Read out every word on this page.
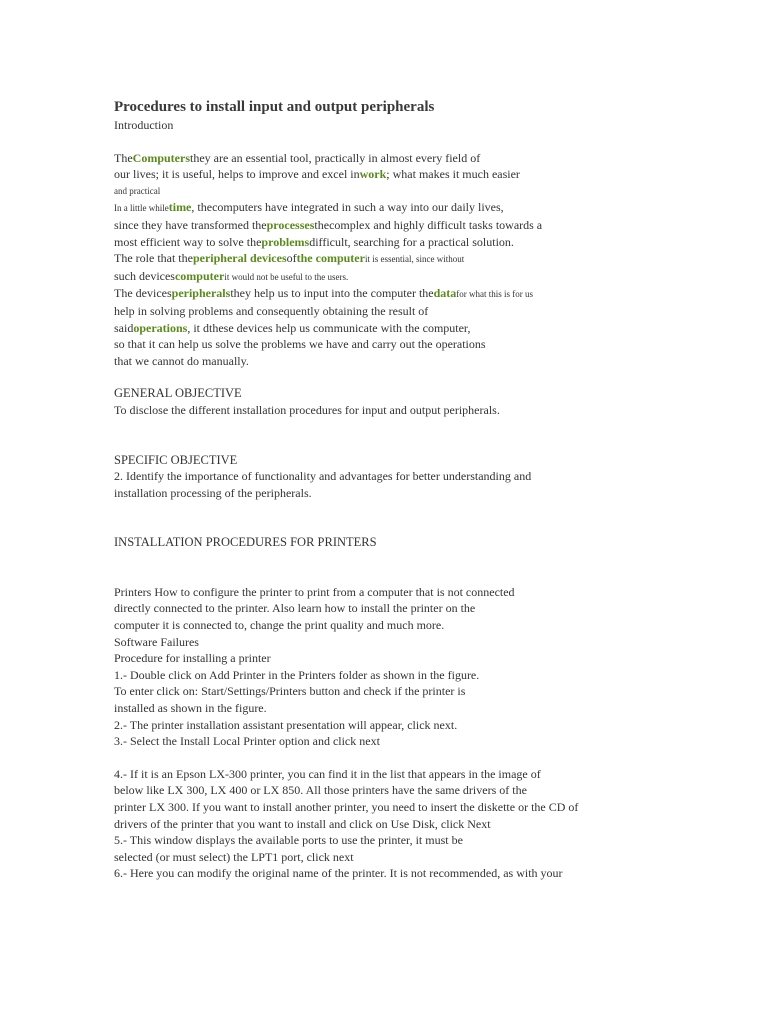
Procedures to install input and output peripherals

Introduction

TheComputersthey are an essential tool, practically in almost every field of

our lives; it is useful, helps to improve and excel inwork; what makes it much easier

and practical

In a little whiletime, thecomputers have integrated in such a way into our daily lives,

since they have transformed theprocessesthecomplex and highly difficult tasks towards a

most efficient way to solve theproblemsdifficult, searching for a practical solution.

The role that theperipheral devicesofthe computerit is essential, since without

such devicescomputerit would not be useful to the users.

The devicesperipheralsthey help us to input into the computer thedatafor what this is for us

help in solving problems and consequently obtaining the result of

saidoperations, it dthese devices help us communicate with the computer,

so that it can help us solve the problems we have and carry out the operations

that we cannot do manually.

GENERAL OBJECTIVE

To disclose the different installation procedures for input and output peripherals.

SPECIFIC OBJECTIVE

2. Identify the importance of functionality and advantages for better understanding and

installation processing of the peripherals.

INSTALLATION PROCEDURES FOR PRINTERS

Printers How to configure the printer to print from a computer that is not connected

directly connected to the printer. Also learn how to install the printer on the

computer it is connected to, change the print quality and much more.

Software Failures

Procedure for installing a printer

1.- Double click on Add Printer in the Printers folder as shown in the figure.

To enter click on: Start/Settings/Printers button and check if the printer is

installed as shown in the figure.

2.- The printer installation assistant presentation will appear, click next.

3.- Select the Install Local Printer option and click next

4.- If it is an Epson LX-300 printer, you can find it in the list that appears in the image of

below like LX 300, LX 400 or LX 850. All those printers have the same drivers of the

printer LX 300. If you want to install another printer, you need to insert the diskette or the CD of

drivers of the printer that you want to install and click on Use Disk, click Next

5.- This window displays the available ports to use the printer, it must be

selected (or must select) the LPT1 port, click next

6.- Here you can modify the original name of the printer. It is not recommended, as with your
